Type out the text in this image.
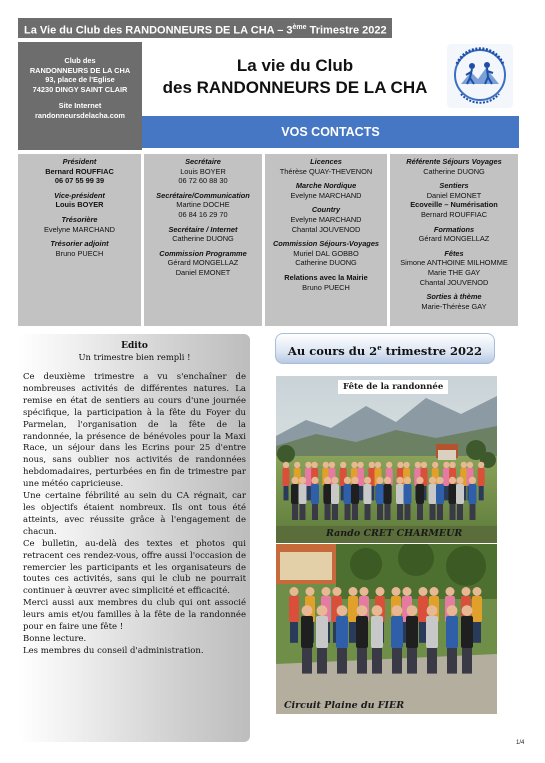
La Vie du Club des RANDONNEURS DE LA CHA – 3ème Trimestre 2022
Club des
RANDONNEURS DE LA CHA
93, place de l'Eglise
74230 DINGY SAINT CLAIR
Site Internet
randonneursdelacha.com
La vie du Club
des RANDONNEURS DE LA CHA
VOS CONTACTS
Président
Bernard ROUFFIAC
06 07 55 99 39
Vice-président
Louis BOYER
Trésorière
Evelyne MARCHAND
Trésorier adjoint
Bruno PUECH
Secrétaire
Louis BOYER
06 72 60 88 30
Secrétaire/Communication
Martine DOCHE
06 84 16 29 70
Secrétaire / Internet
Catherine DUONG
Commission Programme
Gérard MONGELLAZ
Daniel EMONET
Licences
Thérèse QUAY-THEVENON
Marche Nordique
Evelyne MARCHAND
Country
Evelyne MARCHAND
Chantal JOUVENOD
Commission Séjours-Voyages
Muriel DAL GOBBO
Catherine DUONG
Relations avec la Mairie
Bruno PUECH
Référente Séjours Voyages
Catherine DUONG
Sentiers
Daniel EMONET
Ecoveille – Numérisation
Bernard ROUFFIAC
Formations
Gérard MONGELLAZ
Fêtes
Simone ANTHOINE MILHOMME
Marie THE GAY
Chantal JOUVENOD
Sorties à thème
Marie-Thérèse GAY
Edito
Un trimestre bien rempli !

Ce deuxième trimestre a vu s'enchaîner de nombreuses activités de différentes natures. La remise en état de sentiers au cours d'une journée spécifique, la participation à la fête du Foyer du Parmelan, l'organisation de la fête de la randonnée, la présence de bénévoles pour la Maxi Race, un séjour dans les Ecrins pour 25 d'entre nous, sans oublier nos activités de randonnées hebdomadaires, perturbées en fin de trimestre par une météo capricieuse.

Une certaine fébrilité au sein du CA régnait, car les objectifs étaient nombreux. Ils ont tous été atteints, avec réussite grâce à l'engagement de chacun.

Ce bulletin, au-delà des textes et photos qui retracent ces rendez-vous, offre aussi l'occasion de remercier les participants et les organisateurs de toutes ces activités, sans qui le club ne pourrait continuer à œuvrer avec simplicité et efficacité.

Merci aussi aux membres du club qui ont associé leurs amis et/ou familles à la fête de la randonnée pour en faire une fête !

Bonne lecture.

Les membres du conseil d'administration.

Au cours du 2e trimestre 2022
Fête de la randonnée
Rando CRET CHARMEUR
Circuit Plaine du FIER
1/4
